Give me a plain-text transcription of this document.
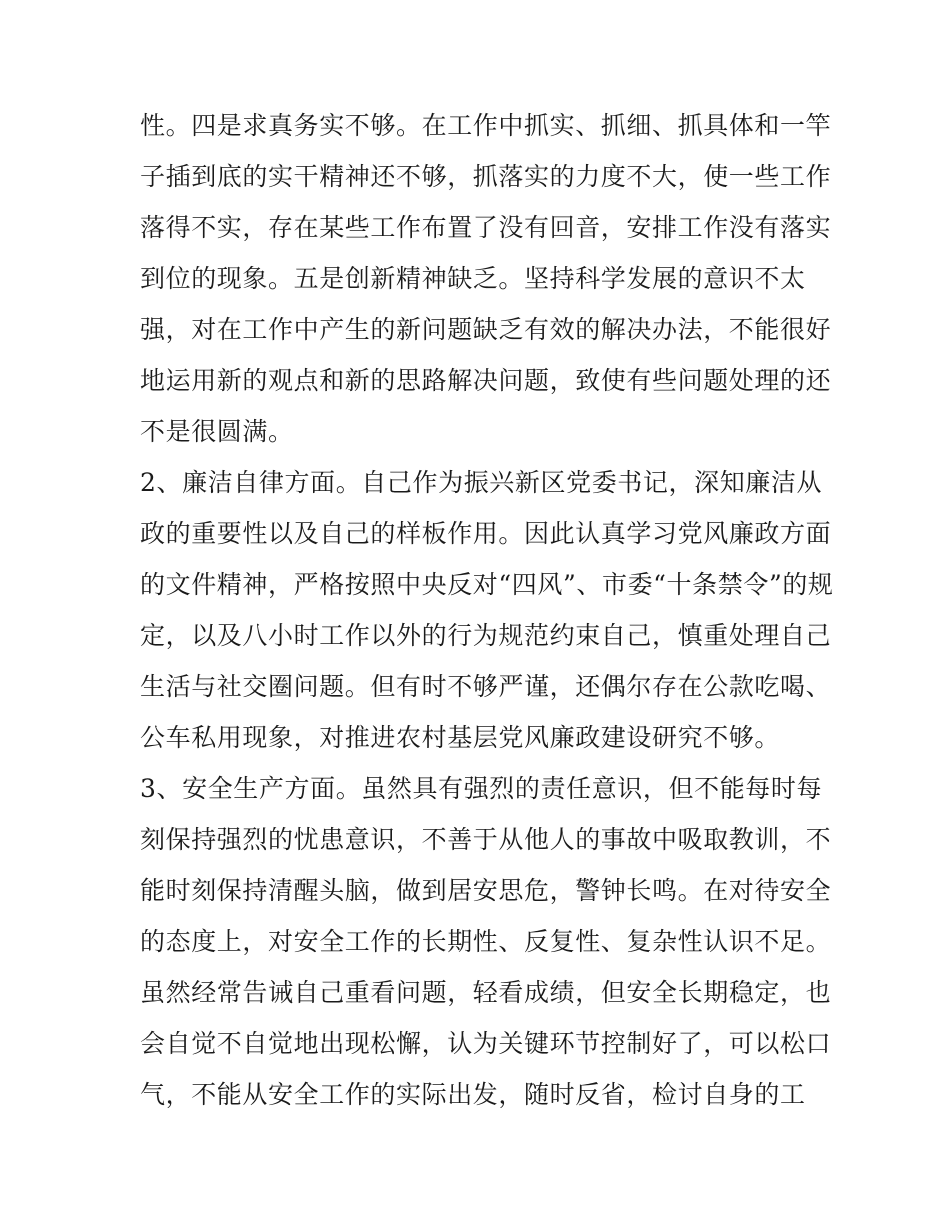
性。四是求真务实不够。在工作中抓实、抓细、抓具体和一竿
子插到底的实干精神还不够，抓落实的力度不大，使一些工作
落得不实，存在某些工作布置了没有回音，安排工作没有落实
到位的现象。五是创新精神缺乏。坚持科学发展的意识不太
强，对在工作中产生的新问题缺乏有效的解决办法，不能很好
地运用新的观点和新的思路解决问题，致使有些问题处理的还
不是很圆满。
2、廉洁自律方面。自己作为振兴新区党委书记，深知廉洁从
政的重要性以及自己的样板作用。因此认真学习党风廉政方面
的文件精神，严格按照中央反对“四风”、市委“十条禁令”的规
定，以及八小时工作以外的行为规范约束自己，慎重处理自己
生活与社交圈问题。但有时不够严谨，还偶尔存在公款吃喝、
公车私用现象，对推进农村基层党风廉政建设研究不够。
3、安全生产方面。虽然具有强烈的责任意识，但不能每时每
刻保持强烈的忧患意识，不善于从他人的事故中吸取教训，不
能时刻保持清醒头脑，做到居安思危，警钟长鸣。在对待安全
的态度上，对安全工作的长期性、反复性、复杂性认识不足。
虽然经常告诫自己重看问题，轻看成绩，但安全长期稳定，也
会自觉不自觉地出现松懈，认为关键环节控制好了，可以松口
气，不能从安全工作的实际出发，随时反省，检讨自身的工
